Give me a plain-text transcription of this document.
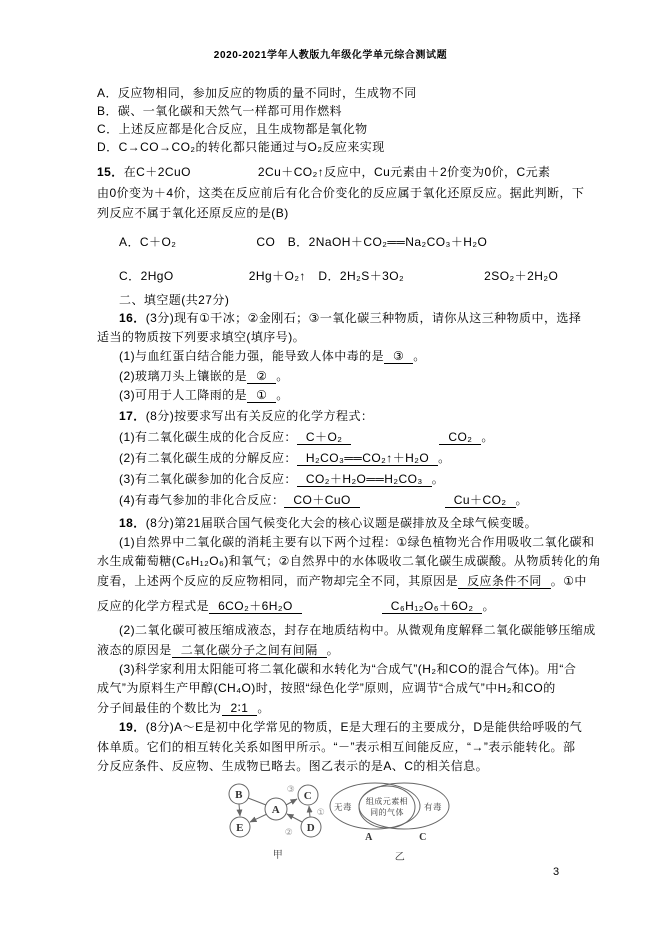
2020-2021学年人教版九年级化学单元综合测试题
A．反应物相同，参加反应的物质的量不同时，生成物不同
B．碳、一氧化碳和天然气一样都可用作燃料
C．上述反应都是化合反应，且生成物都是氧化物
D．C→CO→CO₂的转化都只能通过与O₂反应来实现
15．在C＋2CuO	2Cu＋CO₂↑反应中，Cu元素由＋2价变为0价，C元素
由0价变为＋4价，这类在反应前后有化合价变化的反应属于氧化还原反应。据此判断，下
列反应不属于氧化还原反应的是(B)
A．C＋O₂	CO　B．2NaOH＋CO₂══Na₂CO₃＋H₂O
C．2HgO	2Hg＋O₂↑　D．2H₂S＋3O₂	2SO₂＋2H₂O
二、填空题(共27分)
16．(3分)现有①干冰；②金刚石；③一氧化碳三种物质，请你从这三种物质中，选择
适当的物质按下列要求填空(填序号)。
(1)与血红蛋白结合能力强，能导致人体中毒的是 ③ 。
(2)玻璃刀头上镶嵌的是 ② 。
(3)可用于人工降雨的是 ① 。
17．(8分)按要求写出有关反应的化学方程式：
(1)有二氧化碳生成的化合反应： C＋O₂	CO₂ 。
(2)有二氧化碳生成的分解反应： H₂CO₃══CO₂↑＋H₂O 。
(3)有二氧化碳参加的化合反应： CO₂＋H₂O══H₂CO₃ 。
(4)有毒气参加的非化合反应： CO＋CuO	Cu＋CO₂ 。
18．(8分)第21届联合国气候变化大会的核心议题是碳排放及全球气候变暖。
(1)自然界中二氧化碳的消耗主要有以下两个过程：①绿色植物光合作用吸收二氧化碳和
水生成葡萄糖(C₆H₁₂O₆)和氧气；②自然界中的水体吸收二氧化碳生成碳酸。从物质转化的角
度看，上述两个反应的反应物相同，而产物却完全不同，其原因是 反应条件不同 。①中
反应的化学方程式是 6CO₂＋6H₂O	C₆H₁₂O₆＋6O₂ 。
(2)二氧化碳可被压缩成液态，封存在地质结构中。从微观角度解释二氧化碳能够压缩成
液态的原因是 二氧化碳分子之间有间隔 。
(3)科学家利用太阳能可将二氧化碳和水转化为“合成气”(H₂和CO的混合气体)。用“合
成气”为原料生产甲醇(CH₄O)时，按照“绿色化学”原则，应调节“合成气”中H₂和CO的
分子间最佳的个数比为 2∶1 。
19．(8分)A～E是初中化学常见的物质，E是大理石的主要成分，D是能供给呼吸的气
体单质。它们的相互转化关系如图甲所示。“－”表示相互间能反应，“→”表示能转化。部
分反应条件、反应物、生成物已略去。图乙表示的是A、C的相关信息。
B
A
C
E	D
③
②
①
甲
无毒
组成元素相
同的气体
有毒
A	C
乙
3
